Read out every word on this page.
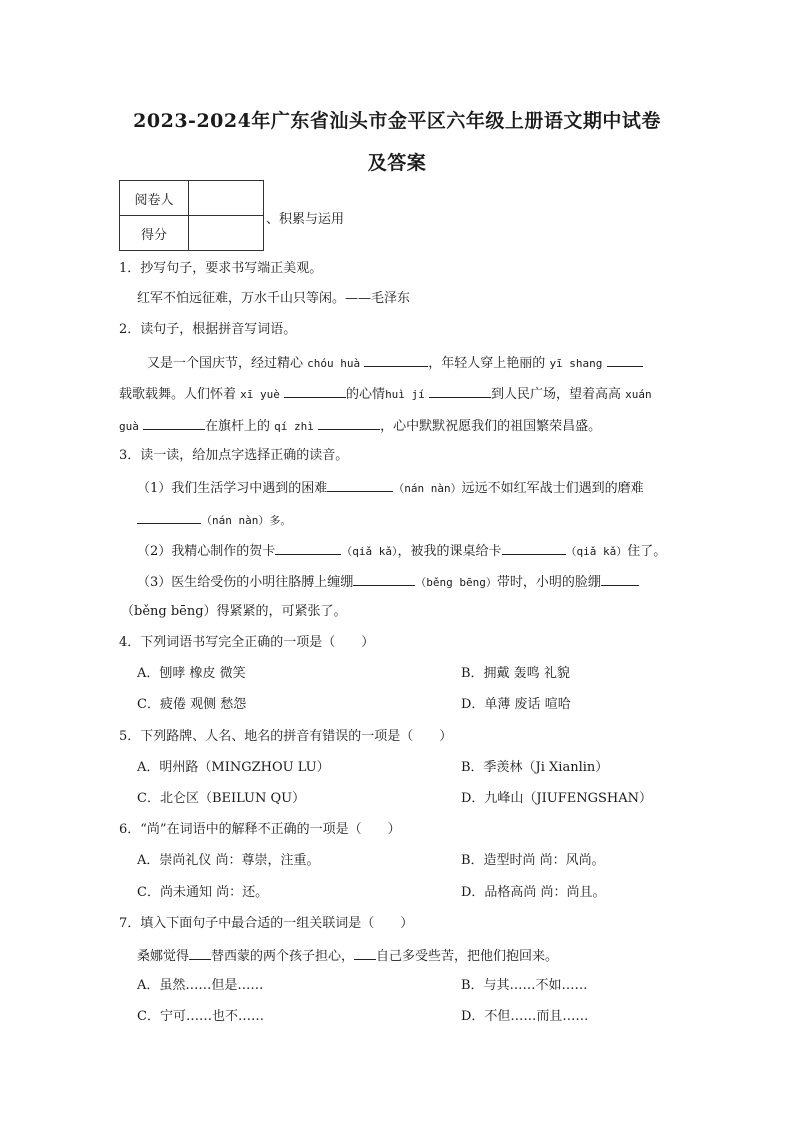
2023-2024年广东省汕头市金平区六年级上册语文期中试卷
及答案
阅卷人	
得分	
、积累与运用
1．抄写句子，要求书写端正美观。
红军不怕远征难，万水千山只等闲。——毛泽东
2．读句子，根据拼音写词语。
又是一个国庆节，经过精心 chóu huà	，年轻人穿上艳丽的 yī shang
载歌载舞。人们怀着 xī yuè	的心情huì jí	到人民广场，望着高高 xuán
guà	在旗杆上的 qí zhì	，心中默默祝愿我们的祖国繁荣昌盛。
3．读一读，给加点字选择正确的读音。
（1）我们生活学习中遇到的困难	（nán nàn）远远不如红军战士们遇到的磨难
（nán nàn）多。
（2）我精心制作的贺卡	（qiǎ kǎ），被我的课桌给卡	（qiǎ kǎ）住了。
（3）医生给受伤的小明往胳膊上缠绷	（běng bēng）带时，小明的脸绷
（běng bēng）得紧紧的，可紧张了。
4．下列词语书写完全正确的一项是（　　）
A．刨哮 橡皮 微笑	B．拥戴 轰鸣 礼貌
C．疲倦 观侧 愁怨	D．单薄 废话 喧哈
5．下列路牌、人名、地名的拼音有错误的一项是（　　）
A．明州路（MINGZHOU LU）	B．季羡林（Ji Xianlin）
C．北仑区（BEILUN QU）	D．九峰山（JIUFENGSHAN）
6．“尚”在词语中的解释不正确的一项是（　　）
A．崇尚礼仪 尚：尊崇，注重。	B．造型时尚 尚：风尚。
C．尚未通知 尚：还。	D．品格高尚 尚：尚且。
7．填入下面句子中最合适的一组关联词是（　　）
桑娜觉得 替西蒙的两个孩子担心， 自己多受些苦，把他们抱回来。
A．虽然……但是……	B．与其……不如……
C．宁可……也不……	D．不但……而且……
